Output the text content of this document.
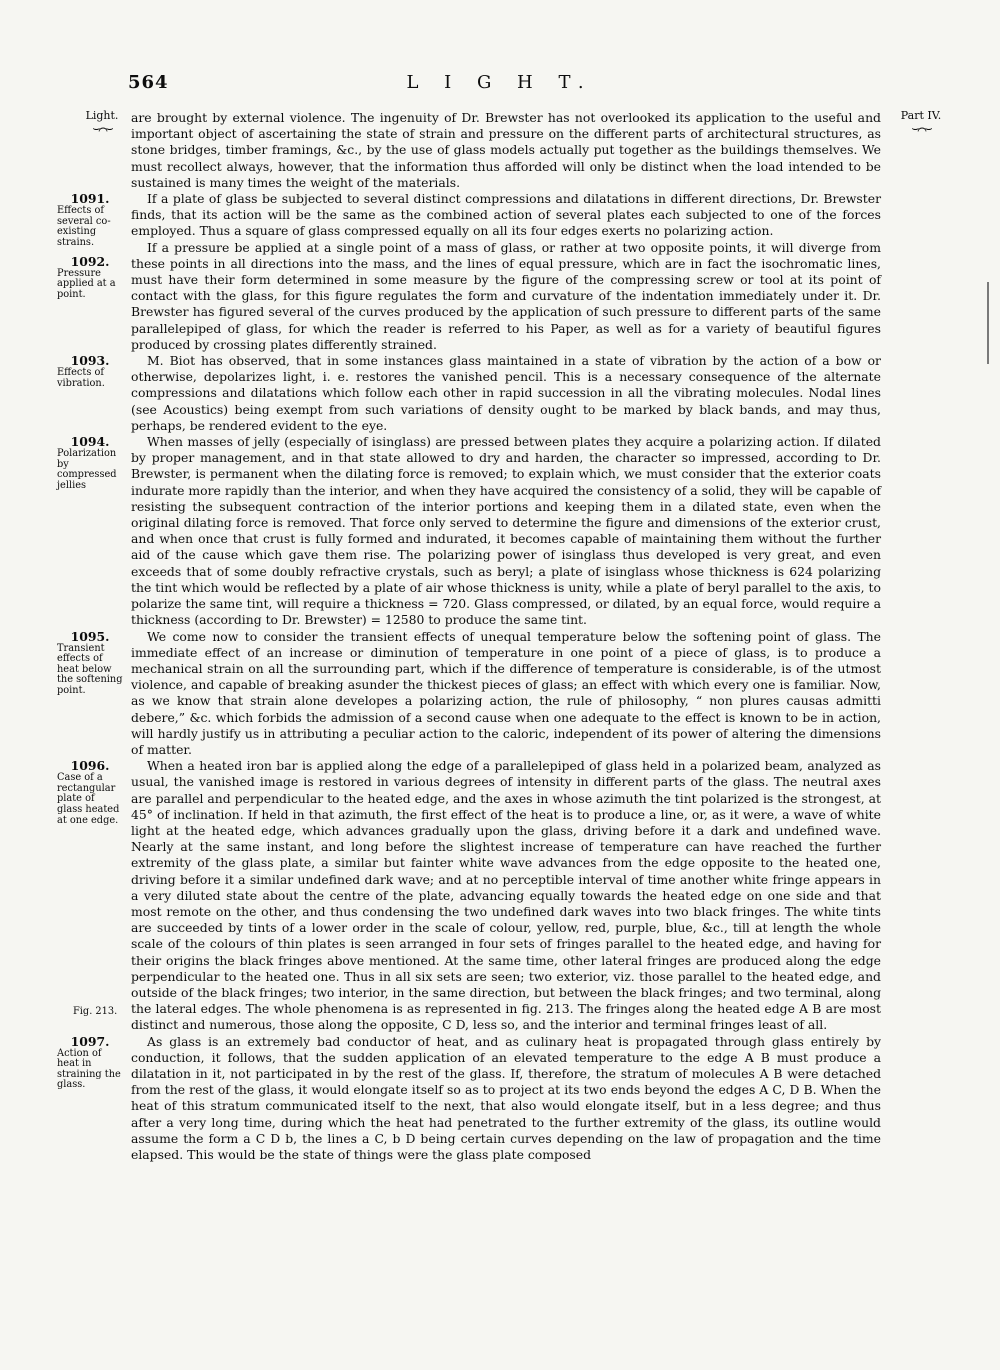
564	L I G H T.
Light.
⌣⌒⌣
Part IV.
⌣⌒⌣

are brought by external violence. The ingenuity of Dr. Brewster has not overlooked its application to the useful and important object of ascertaining the state of strain and pressure on the different parts of architectural structures, as stone bridges, timber framings, &c., by the use of glass models actually put together as the buildings themselves. We must recollect always, however, that the information thus afforded will only be distinct when the load intended to be sustained is many times the weight of the materials.

1091.
Effects of several co-existing strains.
If a plate of glass be subjected to several distinct compressions and dilatations in different directions, Dr. Brewster finds, that its action will be the same as the combined action of several plates each subjected to one of the forces employed. Thus a square of glass compressed equally on all its four edges exerts no polarizing action.

1092.
Pressure applied at a point.
If a pressure be applied at a single point of a mass of glass, or rather at two opposite points, it will diverge from these points in all directions into the mass, and the lines of equal pressure, which are in fact the isochromatic lines, must have their form determined in some measure by the figure of the compressing screw or tool at its point of contact with the glass, for this figure regulates the form and curvature of the indentation immediately under it. Dr. Brewster has figured several of the curves produced by the application of such pressure to different parts of the same parallelepiped of glass, for which the reader is referred to his Paper, as well as for a variety of beautiful figures produced by crossing plates differently strained.

1093.
Effects of vibration.
M. Biot has observed, that in some instances glass maintained in a state of vibration by the action of a bow or otherwise, depolarizes light, i. e. restores the vanished pencil. This is a necessary consequence of the alternate compressions and dilatations which follow each other in rapid succession in all the vibrating molecules. Nodal lines (see Acoustics) being exempt from such variations of density ought to be marked by black bands, and may thus, perhaps, be rendered evident to the eye.

1094.
Polarization by compressed jellies
When masses of jelly (especially of isinglass) are pressed between plates they acquire a polarizing action. If dilated by proper management, and in that state allowed to dry and harden, the character so impressed, according to Dr. Brewster, is permanent when the dilating force is removed; to explain which, we must consider that the exterior coats indurate more rapidly than the interior, and when they have acquired the consistency of a solid, they will be capable of resisting the subsequent contraction of the interior portions and keeping them in a dilated state, even when the original dilating force is removed. That force only served to determine the figure and dimensions of the exterior crust, and when once that crust is fully formed and indurated, it becomes capable of maintaining them without the further aid of the cause which gave them rise. The polarizing power of isinglass thus developed is very great, and even exceeds that of some doubly refractive crystals, such as beryl; a plate of isinglass whose thickness is 624 polarizing the tint which would be reflected by a plate of air whose thickness is unity, while a plate of beryl parallel to the axis, to polarize the same tint, will require a thickness = 720. Glass compressed, or dilated, by an equal force, would require a thickness (according to Dr. Brewster) = 12580 to produce the same tint.

1095.
Transient effects of heat below the softening point.
We come now to consider the transient effects of unequal temperature below the softening point of glass. The immediate effect of an increase or diminution of temperature in one point of a piece of glass, is to produce a mechanical strain on all the surrounding part, which if the difference of temperature is considerable, is of the utmost violence, and capable of breaking asunder the thickest pieces of glass; an effect with which every one is familiar. Now, as we know that strain alone developes a polarizing action, the rule of philosophy, “ non plures causas admitti debere,” &c. which forbids the admission of a second cause when one adequate to the effect is known to be in action, will hardly justify us in attributing a peculiar action to the caloric, independent of its power of altering the dimensions of matter.

1096.
Case of a rectangular plate of glass heated at one edge.
Fig. 213.
When a heated iron bar is applied along the edge of a parallelepiped of glass held in a polarized beam, analyzed as usual, the vanished image is restored in various degrees of intensity in different parts of the glass. The neutral axes are parallel and perpendicular to the heated edge, and the axes in whose azimuth the tint polarized is the strongest, at 45° of inclination. If held in that azimuth, the first effect of the heat is to produce a line, or, as it were, a wave of white light at the heated edge, which advances gradually upon the glass, driving before it a dark and undefined wave. Nearly at the same instant, and long before the slightest increase of temperature can have reached the further extremity of the glass plate, a similar but fainter white wave advances from the edge opposite to the heated one, driving before it a similar undefined dark wave; and at no perceptible interval of time another white fringe appears in a very diluted state about the centre of the plate, advancing equally towards the heated edge on one side and that most remote on the other, and thus condensing the two undefined dark waves into two black fringes. The white tints are succeeded by tints of a lower order in the scale of colour, yellow, red, purple, blue, &c., till at length the whole scale of the colours of thin plates is seen arranged in four sets of fringes parallel to the heated edge, and having for their origins the black fringes above mentioned. At the same time, other lateral fringes are produced along the edge perpendicular to the heated one. Thus in all six sets are seen; two exterior, viz. those parallel to the heated edge, and outside of the black fringes; two interior, in the same direction, but between the black fringes; and two terminal, along the lateral edges. The whole phenomena is as represented in fig. 213. The fringes along the heated edge A B are most distinct and numerous, those along the opposite, C D, less so, and the interior and terminal fringes least of all.

1097.
Action of heat in straining the glass.
As glass is an extremely bad conductor of heat, and as culinary heat is propagated through glass entirely by conduction, it follows, that the sudden application of an elevated temperature to the edge A B must produce a dilatation in it, not participated in by the rest of the glass. If, therefore, the stratum of molecules A B were detached from the rest of the glass, it would elongate itself so as to project at its two ends beyond the edges A C, D B. When the heat of this stratum communicated itself to the next, that also would elongate itself, but in a less degree; and thus after a very long time, during which the heat had penetrated to the further extremity of the glass, its outline would assume the form a C D b, the lines a C, b D being certain curves depending on the law of propagation and the time elapsed. This would be the state of things were the glass plate composed
